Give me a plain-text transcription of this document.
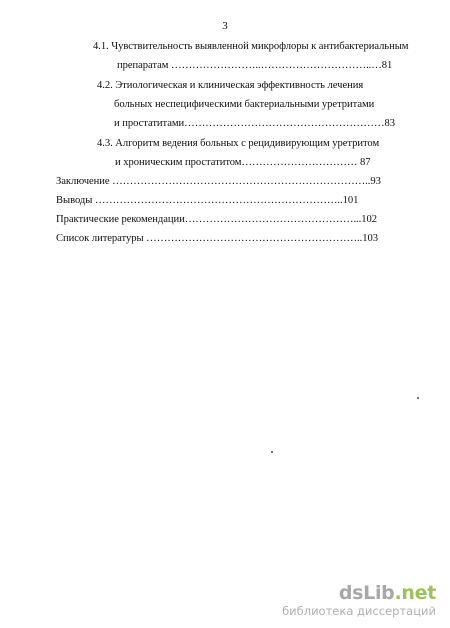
3
4.1. Чувствительность выявленной микрофлоры к антибактериальным
препаратам ……………………..…………………………..…81
4.2. Этиологическая и клиническая эффективность лечения
больных неспецифическими бактериальными уретритами
и простатитами…………………………………………………83
4.3. Алгоритм ведения больных с рецидивирующим уретритом
и хроническим простатитом…………………………… 87
Заключение ………………………………………………………………..93
Выводы ……………………………………………………………..101
Практические рекомендации…………………………………………...102
Список литературы ……………………………………………………..103
dsLib.net
библиотека диссертаций
